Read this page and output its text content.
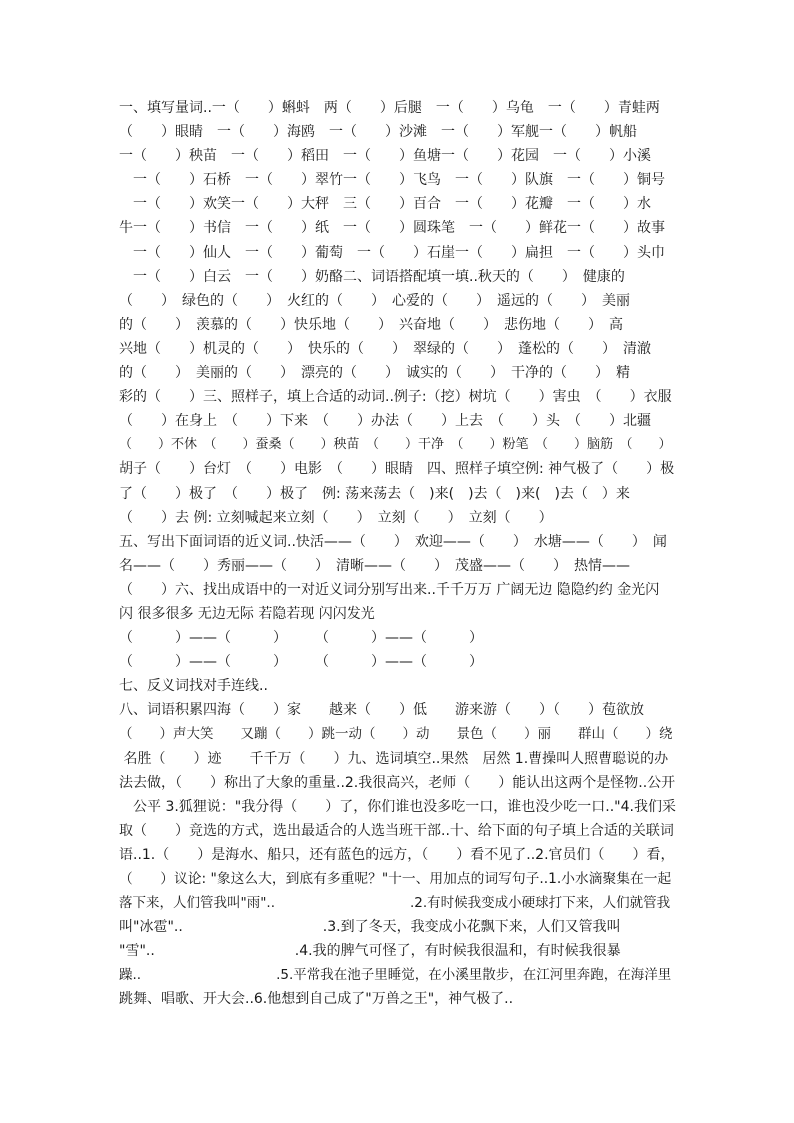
一、填写量词..一（　　）蝌蚪　两（　　）后腿　一（　　）乌龟　一（　　）青蛙两
（　　）眼睛　一（　　）海鸥　一（　　）沙滩　一（　　）军舰一（　　）帆船
一（　　）秧苗　一（　　）稻田　一（　　）鱼塘一（　　）花园　一（　　）小溪
　一（　　）石桥　一（　　）翠竹一（　　）飞鸟　一（　　）队旗　一（　　）铜号
　一（　　）欢笑一（　　）大秤　三（　　）百合　一（　　）花瓣　一（　　）水
牛一（　　）书信　一（　　）纸　一（　　）圆珠笔　一（　　）鲜花一（　　）故事
　一（　　）仙人　一（　　）葡萄　一（　　）石崖一（　　）扁担　一（　　）头巾
　一（　　）白云　一（　　）奶酪二、词语搭配填一填..秋天的（　　）　健康的
（　　）　绿色的（　　）　火红的（　　）　心爱的（　　）　遥远的（　　）　美丽
的（　　）　羡慕的（　　）快乐地（　　）　兴奋地（　　）　悲伤地（　　）　高
兴地（　　）机灵的（　　）　快乐的（　　）　翠绿的（　　）　蓬松的（　　）　清澈
的（　　）　美丽的（　　）　漂亮的（　　）　诚实的（　　）　干净的（　　）　精
彩的（　　）三、照样子，填上合适的动词..例子:（挖）树坑（　　）害虫　（　　）衣服
（　　）在身上　（　　）下来　（　　）办法（　　）上去　（　　）头　（　　）北疆
（　　）不休　（　　）蚕桑（　　）秧苗　（　　）干净　（　　）粉笔　（　　）脑筋　（　　）
胡子（　　）台灯　（　　）电影　（　　）眼睛　四、照样子填空例: 神气极了（　　）极
了（　　）极了　（　　）极了　例: 荡来荡去（　)来(　)去（　)来(　)去（　）来
（　　）去 例: 立刻喊起来立刻（　　）　立刻（　　）　立刻（　　）
五、写出下面词语的近义词..快活——（　　）　欢迎——（　　）　水塘——（　　）　闻
名——（　　）秀丽——（　　）　清晰——（　　）　茂盛——（　　）　热情——
（　　）六、找出成语中的一对近义词分别写出来..千千万万 广阔无边 隐隐约约 金光闪
闪 很多很多 无边无际 若隐若现 闪闪发光
（　　　）——（　　　）　　　（　　　）——（　　　）
（　　　）——（　　　）　　　（　　　）——（　　　）
七、反义词找对手连线..
八、词语积累四海（　　）家　　越来（　　）低　　游来游（　　）（　　）苞欲放
（　　）声大笑　　又蹦（　　）跳一动（　　）动　　景色（　　）丽　　群山（　　）绕
名胜（　　）迹　　千千万（　　）九、选词填空..果然　居然 1.曹操叫人照曹聪说的办
法去做，（　　）称出了大象的重量..2.我很高兴，老师（　　）能认出这两个是怪物..公开
　公平 3.狐狸说："我分得（　　）了，你们谁也没多吃一口，谁也没少吃一口.."4.我们采
取（　　）竞选的方式，选出最适合的人选当班干部..十、给下面的句子填上合适的关联词
语..1.（　　）是海水、船只，还有蓝色的远方，（　　）看不见了..2.官员们（　　）看，
（　　）议论: "象这么大，到底有多重呢？"十一、用加点的词写句子..1.小水滴聚集在一起
落下来，人们管我叫"雨"..　　　　　　　　　　.2.有时候我变成小硬球打下来，人们就管我
叫"冰雹"..　　　　　　　　　　.3.到了冬天，我变成小花飘下来，人们又管我叫
"雪"..　　　　　　　　　　.4.我的脾气可怪了，有时候我很温和，有时候我很暴
躁..　　　　　　　　　　.5.平常我在池子里睡觉，在小溪里散步，在江河里奔跑，在海洋里
跳舞、唱歌、开大会..6.他想到自己成了"万兽之王"，神气极了..
